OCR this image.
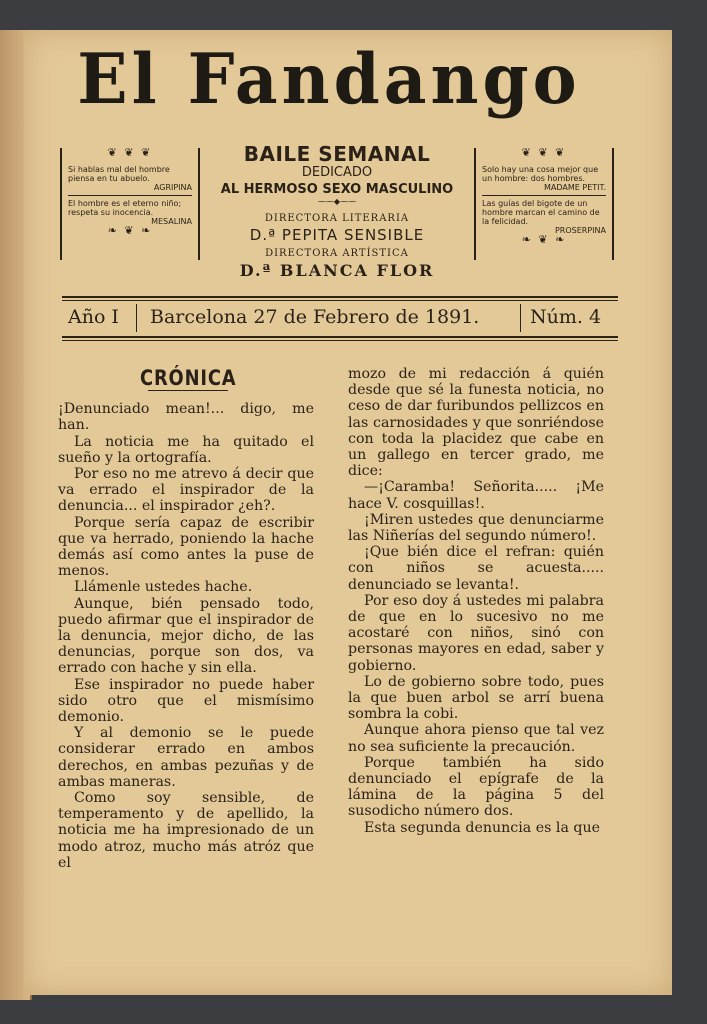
El Fandango
❦ ❦ ❦

Si hablas mal del hombre piensa en tu abuelo.

AGRIPINA

El hombre es el eterno niño; respeta su inocencia.

MESALINA
❧ ❦ ❧
❦ ❦ ❦

Solo hay una cosa mejor que un hombre: dos hombres.

MADAME PETIT.

Las guías del bigote de un hombre marcan el camino de la felicidad.

PROSERPINA
❧ ❦ ❧
BAILE SEMANAL
DEDICADO
AL HERMOSO SEXO MASCULINO
⁓⁓◆⁓⁓
DIRECTORA LITERARIA
D.ª PEPITA SENSIBLE
DIRECTORA ARTÍSTICA
D.ª BLANCA FLOR
Año I Barcelona 27 de Febrero de 1891.	Núm. 4
CRÓNICA

¡Denunciado mean!... digo, me han.

La noticia me ha quitado el sueño y la ortografía.

Por eso no me atrevo á decir que va errado el inspirador de la denuncia... el inspirador ¿eh?.

Porque sería capaz de escribir que va herrado, poniendo la hache demás así como antes la puse de menos.

Llámenle ustedes hache.

Aunque, bién pensado todo, puedo afirmar que el inspirador de la denuncia, mejor dicho, de las denuncias, porque son dos, va errado con hache y sin ella.

Ese inspirador no puede haber sido otro que el mismísimo demonio.

Y al demonio se le puede considerar errado en ambos derechos, en ambas pezuñas y de ambas maneras.

Como soy sensible, de temperamento y de apellido, la noticia me ha impresionado de un modo atroz, mucho más atróz que el

mozo de mi redacción á quién desde que sé la funesta noticia, no ceso de dar furibundos pellizcos en las carnosidades y que sonriéndose con toda la placidez que cabe en un gallego en tercer grado, me dice:

—¡Caramba! Señorita..... ¡Me hace V. cosquillas!.

¡Miren ustedes que denunciarme las Niñerías del segundo número!.

¡Que bién dice el refran: quién con niños se acuesta..... denunciado se levanta!.

Por eso doy á ustedes mi palabra de que en lo sucesivo no me acostaré con niños, sinó con personas mayores en edad, saber y gobierno.

Lo de gobierno sobre todo, pues la que buen arbol se arrí buena sombra la cobi.

Aunque ahora pienso que tal vez no sea suficiente la precaución.

Porque también ha sido denunciado el epígrafe de la lámina de la página 5 del susodicho número dos.

Esta segunda denuncia es la que
